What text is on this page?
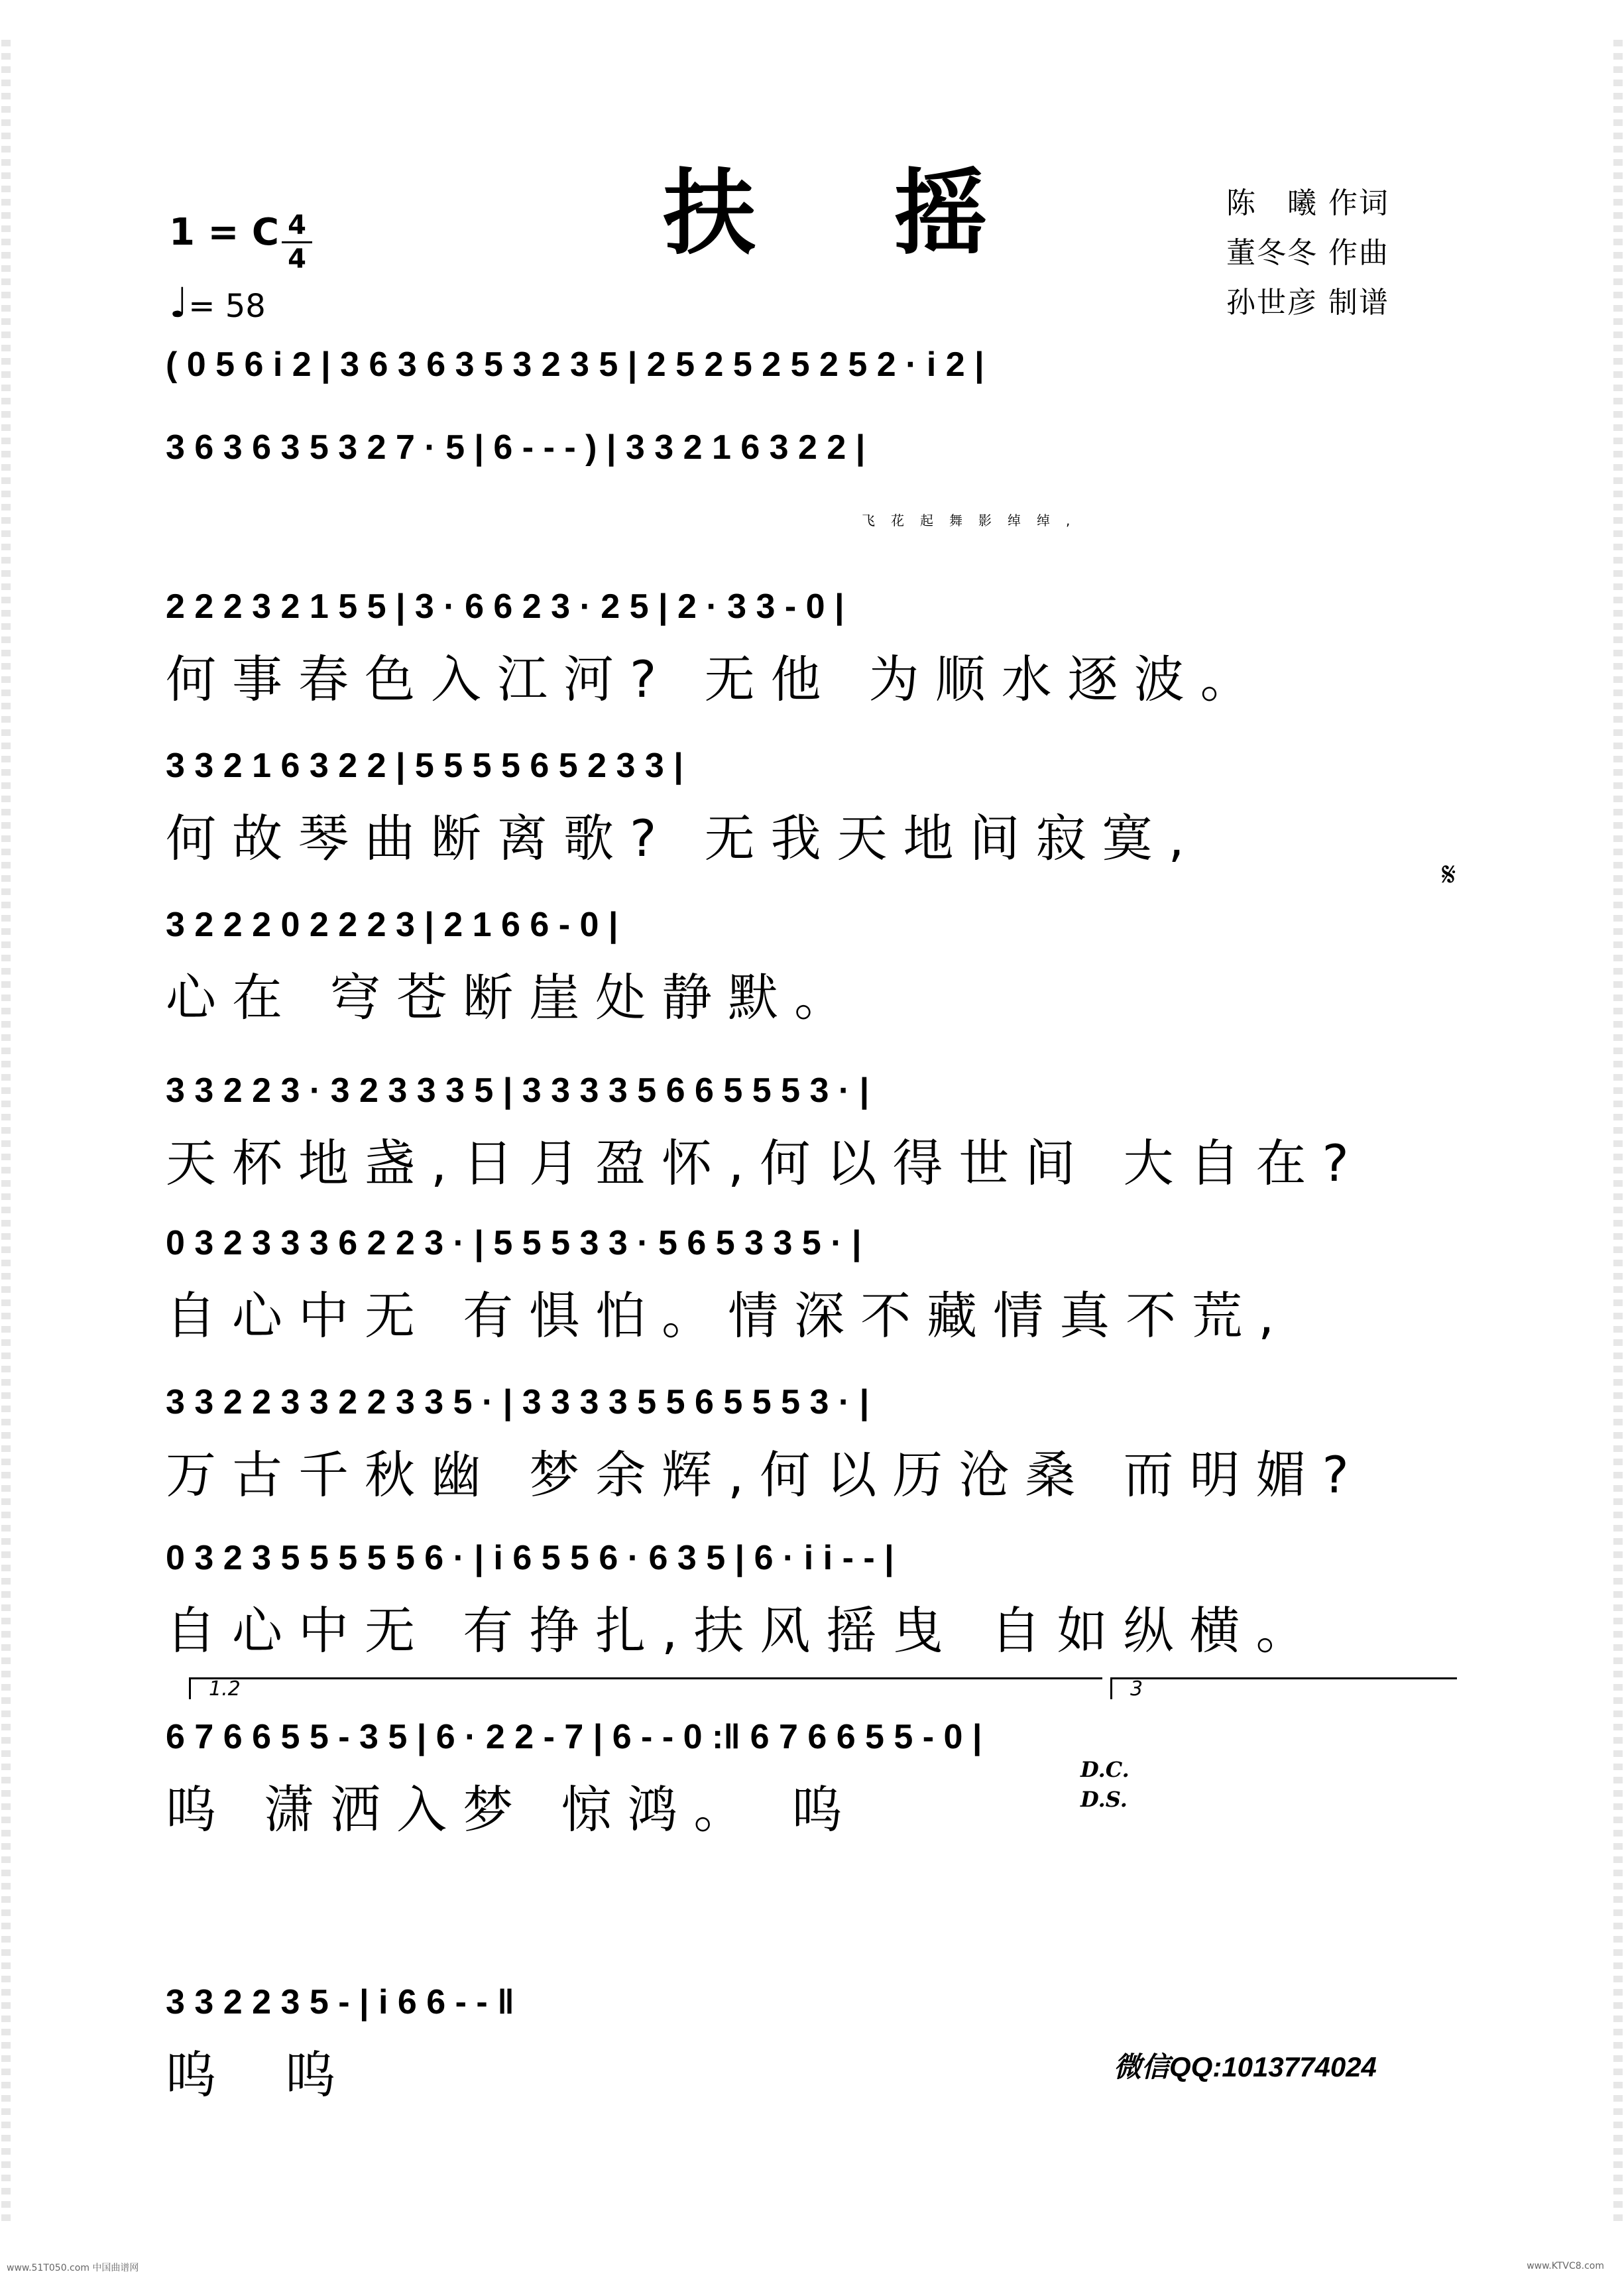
扶 摇	陈　曦 作词
董冬冬 作曲
孙世彦 制谱
1 = C 4
4
♩= 58
( 0 5 6 i 2 | 3 6 3 6 3 5 3 2 3 5 | 2 5 2 5 2 5 2 5 2 · i 2 |
3 6 3 6 3 5 3 2 7 · 5 | 6 - - - ) | 3 3 2 1 6 3 2 2 |
飞花起舞影绰绰,
2 2 2 3 2 1 5 5 | 3 · 6 6 2 3 · 2 5 | 2 · 3 3 - 0 |
何事春色入江河? 无他 为顺水逐波。
3 3 2 1 6 3 2 2 | 5 5 5 5 6 5 2 3 3 |
何故琴曲断离歌? 无我天地间寂寞,
3 2 2 2 0 2 2 2 3 | 2 1 6 6 - 0 |
心在 穹苍断崖处静默。
3 3 2 2 3 · 3 2 3 3 3 5 | 3 3 3 3 5 6 6 5 5 5 3 · |
天杯地盏,日月盈怀,何以得世间 大自在?
0 3 2 3 3 3 6 2 2 3 · | 5 5 5 3 3 · 5 6 5 3 3 5 · |
自心中无 有惧怕。情深不藏情真不荒,
3 3 2 2 3 3 2 2 3 3 5 · | 3 3 3 3 5 5 6 5 5 5 3 · |
万古千秋幽 梦余辉,何以历沧桑 而明媚?
0 3 2 3 5 5 5 5 5 6 · | i 6 5 5 6 · 6 3 5 | 6 · i i - - |
自心中无 有挣扎,扶风摇曳 自如纵横。
6 7 6 6 5 5 - 3 5 | 6 · 2 2 - 7 | 6 - - 0 :‖ 6 7 6 6 5 5 - 0 |
呜 潇洒入梦 惊鸿。 呜
3 3 2 2 3 5 - | i 6 6 - - ‖
呜 呜
D.C.
D.S.
𝄋
1.2	3
微信QQ:1013774024
www.51T050.com 中国曲谱网	www.KTVC8.com
